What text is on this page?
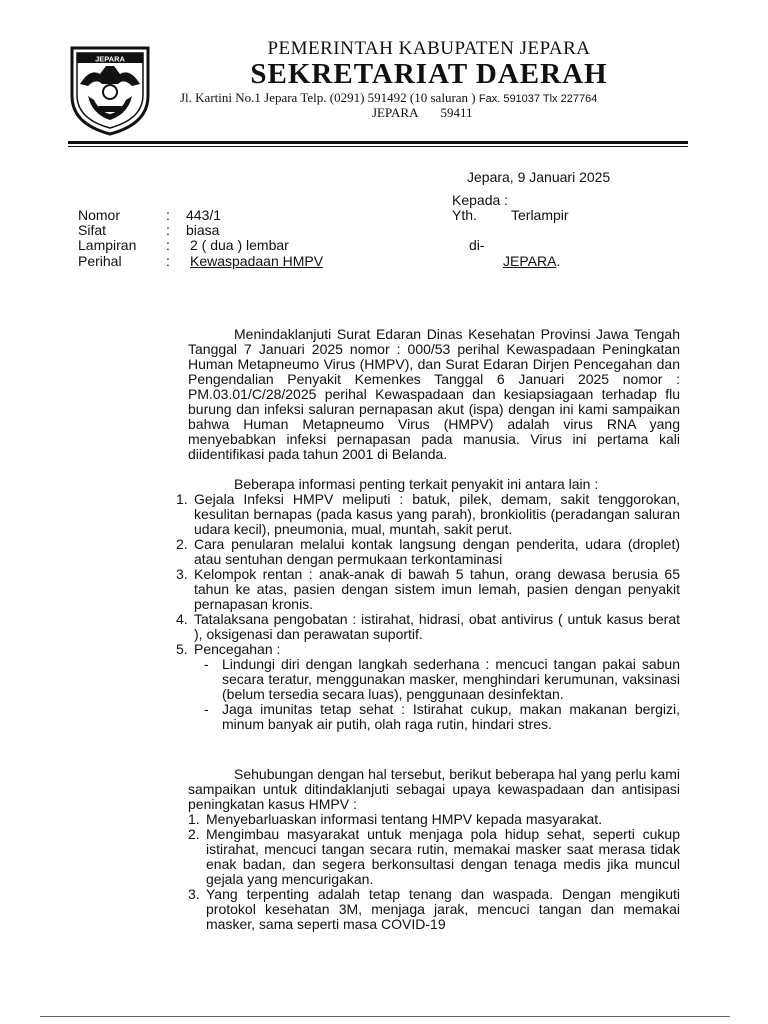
JEPARA	PEMERINTAH KABUPATEN JEPARA
SEKRETARIAT DAERAH
Jl. Kartini No.1 Jepara Telp. (0291) 591492 (10 saluran ) Fax. 591037 Tlx 227764
JEPARA 59411
Jepara, 9 Januari 2025
Kepada :
Yth. Terlampir
di-
JEPARA.
Nomor	: 443/1
Sifat	: biasa
Lampiran : 2 ( dua ) lembar
Perihal	: Kewaspadaan HMPV
Menindaklanjuti Surat Edaran Dinas Kesehatan Provinsi Jawa Tengah Tanggal 7 Januari 2025 nomor : 000/53 perihal Kewaspadaan Peningkatan Human Metapneumo Virus (HMPV), dan Surat Edaran Dirjen Pencegahan dan Pengendalian Penyakit Kemenkes Tanggal 6 Januari 2025 nomor : PM.03.01/C/28/2025 perihal Kewaspadaan dan kesiapsiagaan terhadap flu burung dan infeksi saluran pernapasan akut (ispa) dengan ini kami sampaikan bahwa Human Metapneumo Virus (HMPV) adalah virus RNA yang menyebabkan infeksi pernapasan pada manusia. Virus ini pertama kali diidentifikasi pada tahun 2001 di Belanda.
Beberapa informasi penting terkait penyakit ini antara lain :
1. Gejala Infeksi HMPV meliputi : batuk, pilek, demam, sakit tenggorokan, kesulitan bernapas (pada kasus yang parah), bronkiolitis (peradangan saluran udara kecil), pneumonia, mual, muntah, sakit perut.
2. Cara penularan melalui kontak langsung dengan penderita, udara (droplet) atau sentuhan dengan permukaan terkontaminasi
3. Kelompok rentan : anak-anak di bawah 5 tahun, orang dewasa berusia 65 tahun ke atas, pasien dengan sistem imun lemah, pasien dengan penyakit pernapasan kronis.
4. Tatalaksana pengobatan : istirahat, hidrasi, obat antivirus ( untuk kasus berat ), oksigenasi dan perawatan suportif.
5. Pencegahan :
- Lindungi diri dengan langkah sederhana : mencuci tangan pakai sabun secara teratur, menggunakan masker, menghindari kerumunan, vaksinasi (belum tersedia secara luas), penggunaan desinfektan.
- Jaga imunitas tetap sehat : Istirahat cukup, makan makanan bergizi, minum banyak air putih, olah raga rutin, hindari stres.
Sehubungan dengan hal tersebut, berikut beberapa hal yang perlu kami sampaikan untuk ditindaklanjuti sebagai upaya kewaspadaan dan antisipasi peningkatan kasus HMPV :
1. Menyebarluaskan informasi tentang HMPV kepada masyarakat.
2. Mengimbau masyarakat untuk menjaga pola hidup sehat, seperti cukup istirahat, mencuci tangan secara rutin, memakai masker saat merasa tidak enak badan, dan segera berkonsultasi dengan tenaga medis jika muncul gejala yang mencurigakan.
3. Yang terpenting adalah tetap tenang dan waspada. Dengan mengikuti protokol kesehatan 3M, menjaga jarak, mencuci tangan dan memakai masker, sama seperti masa COVID-19
